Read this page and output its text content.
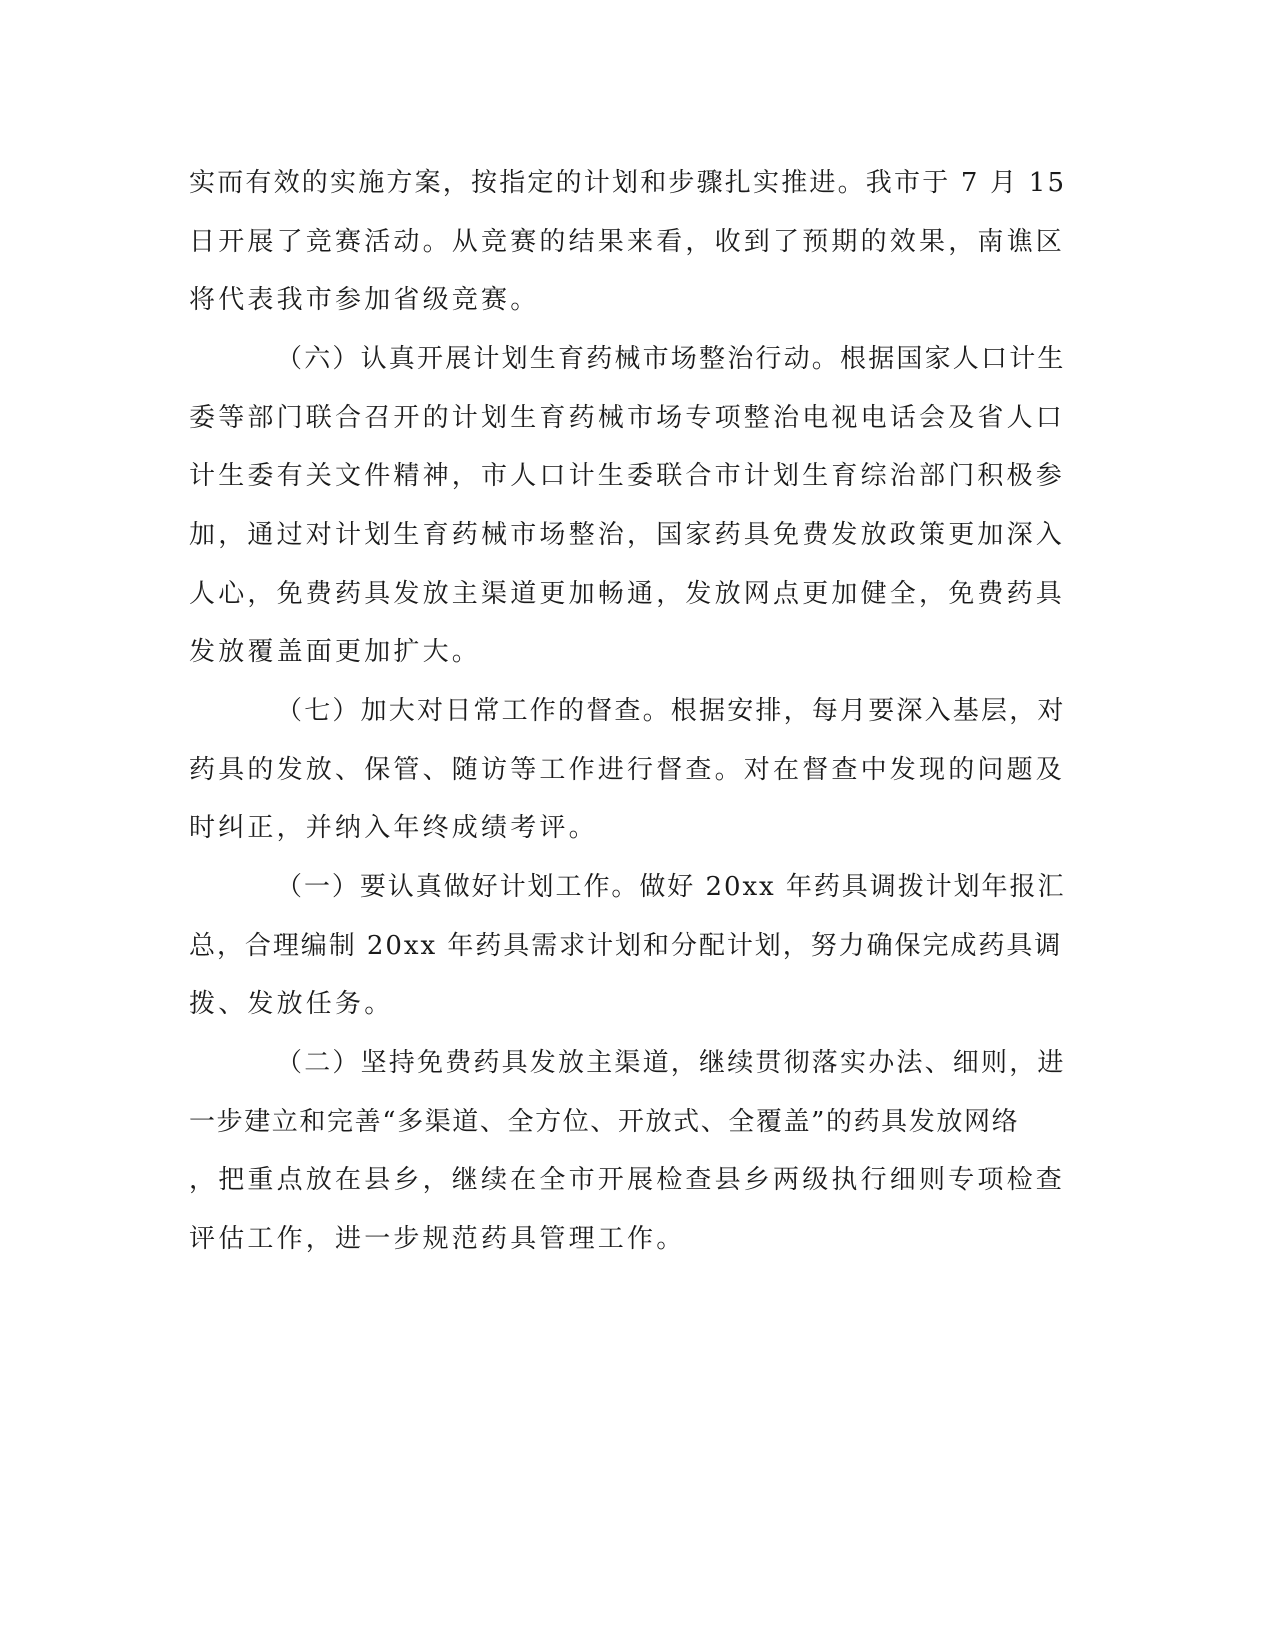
实而有效的实施方案，按指定的计划和步骤扎实推进。我市于 7 月 15
日开展了竞赛活动。从竞赛的结果来看，收到了预期的效果，南谯区
将代表我市参加省级竞赛。
（六）认真开展计划生育药械市场整治行动。根据国家人口计生
委等部门联合召开的计划生育药械市场专项整治电视电话会及省人口
计生委有关文件精神，市人口计生委联合市计划生育综治部门积极参
加，通过对计划生育药械市场整治，国家药具免费发放政策更加深入
人心，免费药具发放主渠道更加畅通，发放网点更加健全，免费药具
发放覆盖面更加扩大。
（七）加大对日常工作的督查。根据安排，每月要深入基层，对
药具的发放、保管、随访等工作进行督查。对在督查中发现的问题及
时纠正，并纳入年终成绩考评。
（一）要认真做好计划工作。做好 20xx 年药具调拨计划年报汇
总，合理编制 20xx 年药具需求计划和分配计划，努力确保完成药具调
拨、发放任务。
（二）坚持免费药具发放主渠道，继续贯彻落实办法、细则，进
一步建立和完善“多渠道、全方位、开放式、全覆盖”的药具发放网络
，把重点放在县乡，继续在全市开展检查县乡两级执行细则专项检查
评估工作，进一步规范药具管理工作。
